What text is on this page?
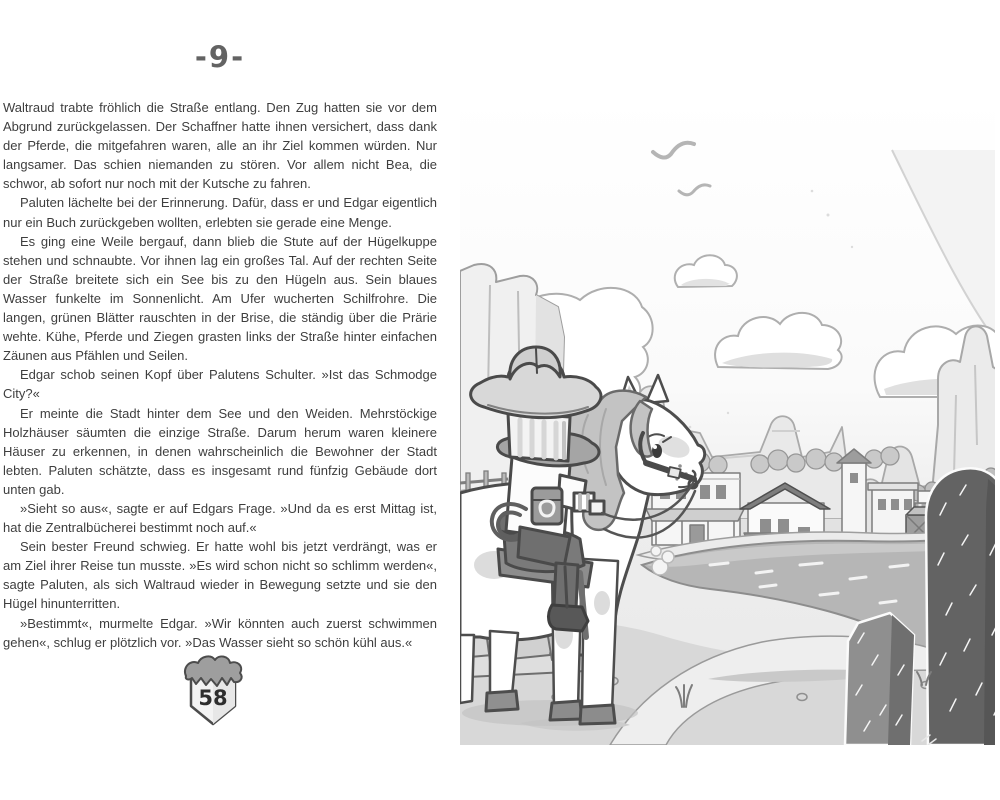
-9-

Waltraud trabte fröhlich die Straße entlang. Den Zug hatten sie vor dem Abgrund zurückgelassen. Der Schaffner hatte ihnen versichert, dass dank der Pferde, die mitgefahren waren, alle an ihr Ziel kommen würden. Nur langsamer. Das schien niemanden zu stören. Vor allem nicht Bea, die schwor, ab sofort nur noch mit der Kutsche zu fahren.

Paluten lächelte bei der Erinnerung. Dafür, dass er und Edgar eigentlich nur ein Buch zurückgeben wollten, erlebten sie gerade eine Menge.

Es ging eine Weile bergauf, dann blieb die Stute auf der Hügelkuppe stehen und schnaubte. Vor ihnen lag ein großes Tal. Auf der rechten Seite der Straße breitete sich ein See bis zu den Hügeln aus. Sein blaues Wasser funkelte im Sonnenlicht. Am Ufer wucherten Schilfrohre. Die langen, grünen Blätter rauschten in der Brise, die ständig über die Prärie wehte. Kühe, Pferde und Ziegen grasten links der Straße hinter einfachen Zäunen aus Pfählen und Seilen.

Edgar schob seinen Kopf über Palutens Schulter. »Ist das Schmodge City?«

Er meinte die Stadt hinter dem See und den Weiden. Mehrstöckige Holzhäuser säumten die einzige Straße. Darum herum waren kleinere Häuser zu erkennen, in denen wahrscheinlich die Bewohner der Stadt lebten. Paluten schätzte, dass es insgesamt rund fünfzig Gebäude dort unten gab.

»Sieht so aus«, sagte er auf Edgars Frage. »Und da es erst Mittag ist, hat die Zentralbücherei bestimmt noch auf.«

Sein bester Freund schwieg. Er hatte wohl bis jetzt verdrängt, was er am Ziel ihrer Reise tun musste. »Es wird schon nicht so schlimm werden«, sagte Paluten, als sich Waltraud wieder in Bewegung setzte und sie den Hügel hinunterritten.

»Bestimmt«, murmelte Edgar. »Wir könnten auch zuerst schwimmen gehen«, schlug er plötzlich vor. »Das Wasser sieht so schön kühl aus.«

58
